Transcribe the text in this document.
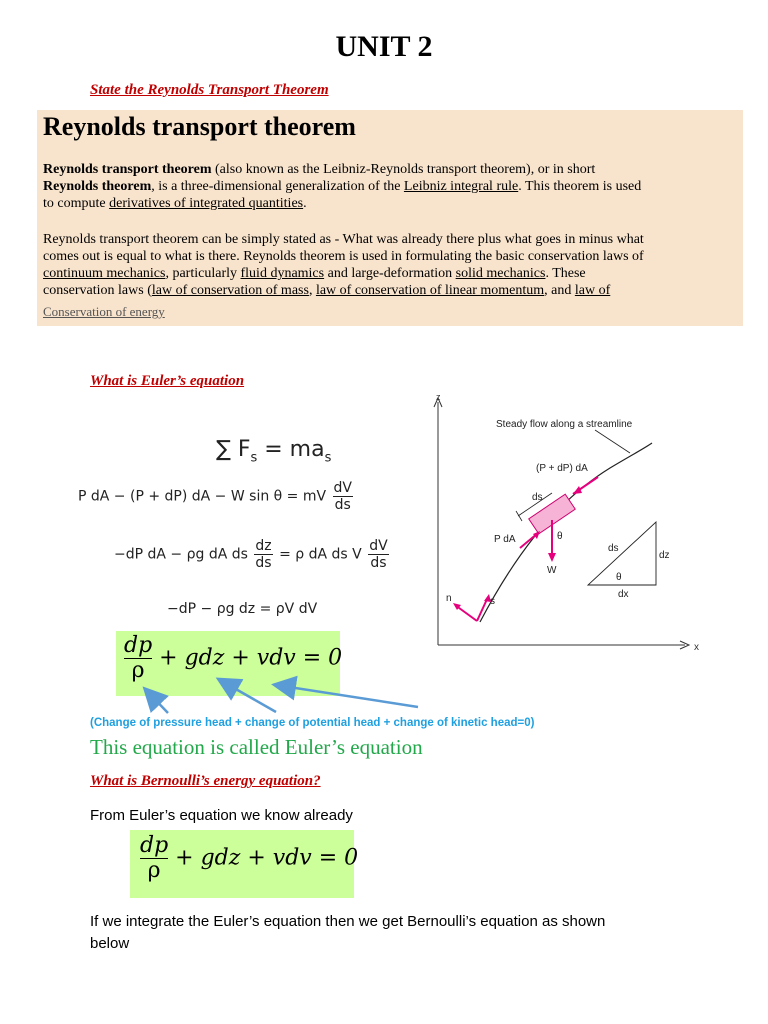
UNIT 2
State the Reynolds Transport Theorem
Reynolds transport theorem
Reynolds transport theorem (also known as the Leibniz-Reynolds transport theorem), or in short
Reynolds theorem, is a three-dimensional generalization of the Leibniz integral rule. This theorem is used
to compute derivatives of integrated quantities.
Reynolds transport theorem can be simply stated as - What was already there plus what goes in minus what
comes out is equal to what is there. Reynolds theorem is used in formulating the basic conservation laws of
continuum mechanics, particularly fluid dynamics and large-deformation solid mechanics. These
conservation laws (law of conservation of mass, law of conservation of linear momentum, and law of
Conservation of energy
What is Euler’s equation
∑ $F_s = ma_s$
P dA − (P + dP) dA − W sin θ = mV $\frac{dV}{ds}$
−dP dA − ρg dA ds $\frac{dz}{ds} = \rho$ dA ds V $\frac{dV}{ds}$
−dP − ρg dz = ρV dV
$\frac{dp}{\rho}$ + gdz + vdv = 0
(Change of pressure head + change of potential head + change of kinetic head=0)
This equation is called Euler’s equation
z
x
Steady flow along a streamline
(P + dP) dA
ds
P dA
W
θ
n	s
ds
dz
θ
dx
What is Bernoulli’s energy equation?
From Euler’s equation we know already
$\frac{dp}{\rho}$ + gdz + vdv = 0
If we integrate the Euler’s equation then we get Bernoulli’s equation as shown
below
